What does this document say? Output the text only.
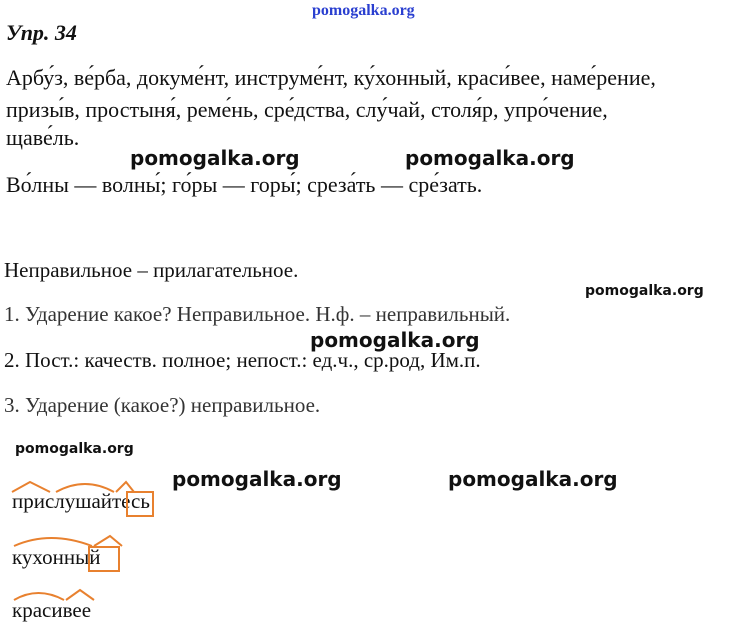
pomogalka.org
Упр. 34
Арбу́з, ве́рба, докуме́нт, инструме́нт, ку́хонный, краси́вее, наме́рение,
призы́в, простыня́, реме́нь, сре́дства, слу́чай, столя́р, упро́чение,
щаве́ль.
pomogalka.org	pomogalka.org
Во́лны — волны́; го́ры — горы́; среза́ть — сре́зать.
Неправильное – прилагательное.
pomogalka.org
1. Ударение какое? Неправильное. Н.ф. – неправильный.
pomogalka.org
2. Пост.: качеств. полное; непост.: ед.ч., ср.род, Им.п.
3. Ударение (какое?) неправильное.
pomogalka.org
pomogalka.org	pomogalka.org
прислушайтесь
кухонный
красивее
